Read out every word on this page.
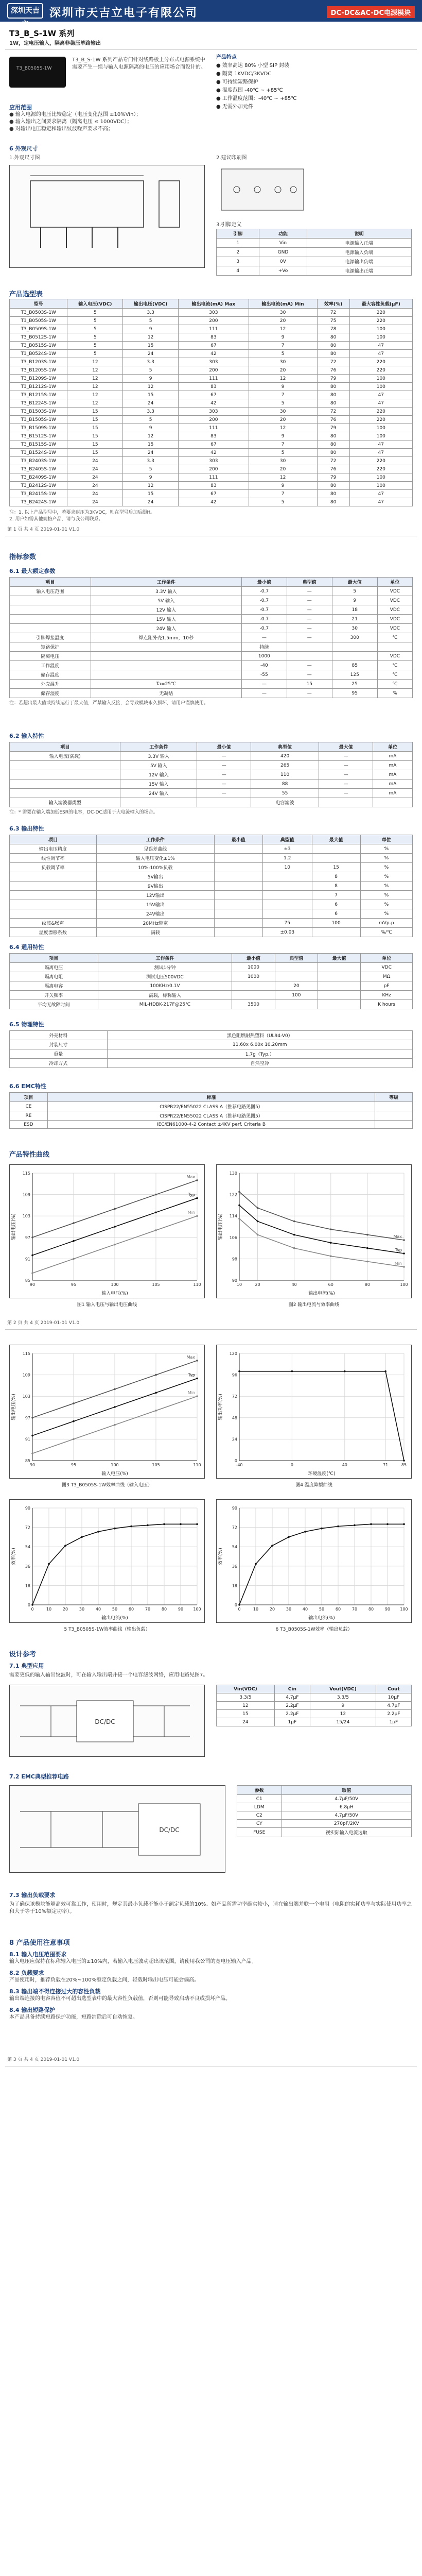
深圳天吉立
深圳市天吉立电子有限公司	DC-DC&AC-DC电源模块
T3_B_S-1W 系列
1W，定电压输入，隔离非稳压单路输出
T3_B0505S-1W
T3_B_S-1W 系列产品专门针对线路板上分布式电源系统中需要产生一组与输入电源隔离的电压的应用场合而设计的。
产品特点
● 效率高达 80% 小型 SIP 封装
● 隔离 1KVDC/3KVDC
● 可持续短路保护
● 温度范围 -40℃ ~ +85℃
● 工作温度范围：-40℃ ~ +85℃
● 无需外加元件
应用范围
● 输入电源的电压比较稳定（电压变化范围 ±10%Vin）；
● 输入输出之间要求隔离（隔离电压 ≤ 1000VDC）；
● 对输出电压稳定和输出纹波噪声要求不高；
6 外观尺寸
1.外观尺寸图	2.建议印刷图
3.引脚定义
引脚	功能	说明
1	Vin	电源输入正端
2	GND	电源输入负端
3	0V	电源输出负端
4	+Vo	电源输出正端
产品选型表
型号	输入电压(VDC)	输出电压(VDC)	输出电流(mA) Max	输出电流(mA) Min	效率(%)	最大容性负载(μF)
T3_B0503S-1W	5	3.3	303	30	72	220
T3_B0505S-1W	5	5	200	20	75	220
T3_B0509S-1W	5	9	111	12	78	100
T3_B0512S-1W	5	12	83	9	80	100
T3_B0515S-1W	5	15	67	7	80	47
T3_B0524S-1W	5	24	42	5	80	47
T3_B1203S-1W	12	3.3	303	30	72	220
T3_B1205S-1W	12	5	200	20	76	220
T3_B1209S-1W	12	9	111	12	79	100
T3_B1212S-1W	12	12	83	9	80	100
T3_B1215S-1W	12	15	67	7	80	47
T3_B1224S-1W	12	24	42	5	80	47
T3_B1503S-1W	15	3.3	303	30	72	220
T3_B1505S-1W	15	5	200	20	76	220
T3_B1509S-1W	15	9	111	12	79	100
T3_B1512S-1W	15	12	83	9	80	100
T3_B1515S-1W	15	15	67	7	80	47
T3_B1524S-1W	15	24	42	5	80	47
T3_B2403S-1W	24	3.3	303	30	72	220
T3_B2405S-1W	24	5	200	20	76	220
T3_B2409S-1W	24	9	111	12	79	100
T3_B2412S-1W	24	12	83	9	80	100
T3_B2415S-1W	24	15	67	7	80	47
T3_B2424S-1W	24	24	42	5	80	47
注：1. 以上产品型号中，若要求耐压为3KVDC，则在型号后加后缀H。
2. 用户如需其他规格产品，请与我公司联系。
第 1 页 共 4 页 2019-01-01 V1.0
指标参数
6.1 最大额定参数
项目	工作条件	最小值	典型值	最大值	单位
输入电压范围	3.3V 输入	-0.7	—	5	VDC
	5V 输入	-0.7	—	9	VDC
	12V 输入	-0.7	—	18	VDC
	15V 输入	-0.7	—	21	VDC
	24V 输入	-0.7	—	30	VDC
引脚焊接温度	焊点距外壳1.5mm，10秒	—	—	300	℃
短路保护		持续			
隔离电压		1000			VDC
工作温度		-40	—	85	℃
储存温度		-55	—	125	℃
外壳温升	Ta=25℃	—	15	25	℃
储存湿度	无凝结	—	—	95	%
注：若超出最大值或持续运行于最大值，严禁输入反接，会导致模块永久损坏，请用户谨慎使用。
6.2 输入特性
项目	工作条件	最小值	典型值	最大值	单位
输入电流(满载)	3.3V 输入	—	420	—	mA
	5V 输入	—	265	—	mA
	12V 输入	—	110	—	mA
	15V 输入	—	88	—	mA
	24V 输入	—	55	—	mA
输入滤波器类型			电容滤波		
注：* 需要在输入端加低ESR的电容，DC-DC适用于大电流输入的场合。
6.3 输出特性
项目	工作条件	最小值	典型值	最大值	单位
输出电压精度	见误差曲线		±3		%
线性调节率	输入电压变化±1%		1.2		%
负载调节率	10%-100%负载		10	15	%
	5V输出			8	%
	9V输出			8	%
	12V输出			7	%
	15V输出			6	%
	24V输出			6	%
纹波&噪声	20MHz带宽		75	100	mVp-p
温度漂移系数	满载		±0.03		%/℃
6.4 通用特性
项目	工作条件	最小值	典型值	最大值	单位
隔离电压	测试1分钟	1000			VDC
隔离电阻	测试电压500VDC	1000			MΩ
隔离电容	100KHz/0.1V		20		pF
开关频率	满载，标称输入		100		KHz
平均无故障时间	MIL-HDBK-217F@25℃	3500			K hours
6.5 物理特性
外壳材料	黑色阻燃耐热塑料（UL94-V0）
封装尺寸	11.60x 6.00x 10.20mm
重量	1.7g（Typ.）
冷却方式	自然空冷
6.6 EMC特性
项目	标准	等级
CE	CISPR22/EN55022 CLASS A（推荐电路见图5）	
RE	CISPR22/EN55022 CLASS A（推荐电路见图5）	
ESD	IEC/EN61000-4-2 Contact ±4KV perf. Criteria B	
产品特性曲线
85
91
97
103
109
115
90	95	100	105	110
Typ
Max
Min
输入电压(%)
输出电压(%)
图1 输入电压与输出电压曲线
90
98
106
114
122
130
10	20	40	60	80	100
Typ
Max
Min
输出电流(%)
输出电压(%)
图2 输出电流与效率曲线
第 2 页 共 4 页 2019-01-01 V1.0
85
91
97
103
109
115
90	95	100	105	110
Typ
Max
Min
输入电压(%)
输出电压(%)
图3 T3_B0505S-1W效率曲线（输入电压）
0
24
48
72
96
120
-40	0	40	71	85
环境温度(℃)
输出功率(%)
图4 温度降额曲线
0
18
36
54
72
90
0	10	20	30	40	50	60	70	80	90 100
输出电流(%)
效率(%)
5 T3_B0505S-1W效率曲线（输出负载）
0
18
36
54
72
90
0	10	20	30	40	50	60	70	80	90 100
输出电流(%)
效率(%)
6 T3_B0505S-1W效率（输出负载）
设计参考
7.1 典型应用
需要更低的输入输出纹波时，可在输入输出端并接一个电容滤波网络，应用电路见图7。
DC/DC
Vin(VDC)	Cin	Vout(VDC)	Cout
3.3/5	4.7μF	3.3/5	10μF
12	2.2μF	9	4.7μF
15	2.2μF	12	2.2μF
24	1μF	15/24	1μF
7.2 EMC典型推荐电路
DC/DC
参数	取值
C1	4.7μF/50V
LDM	6.8μH
C2	4.7μF/50V
CY	270pF/2KV
FUSE	视实际输入电流选取
7.3 输出负载要求
为了确保该模块能够高效可靠工作，使用时，规定其最小负载不能小于额定负载的10%。如产品所需功率确实较小，请在输出端并联一个电阻（电阻的实耗功率与实际使用功率之和大于等于10%额定功率）。
8 产品使用注意事项
8.1 输入电压范围要求
输入电压应保持在标称输入电压的±10%内，若输入电压波动超出该范围，请使用我公司的宽电压输入产品。
8.2 负载要求
产品使用时，推荐负载在20%~100%额定负载之间，轻载时输出电压可能会偏高。
8.3 输出端不得连接过大的容性负载
输出端连接的电容容值不可超出选型表中的最大容性负载值，否则可能导致启动不良或损坏产品。
8.4 输出短路保护
本产品具备持续短路保护功能，短路消除后可自动恢复。
第 3 页 共 4 页 2019-01-01 V1.0
